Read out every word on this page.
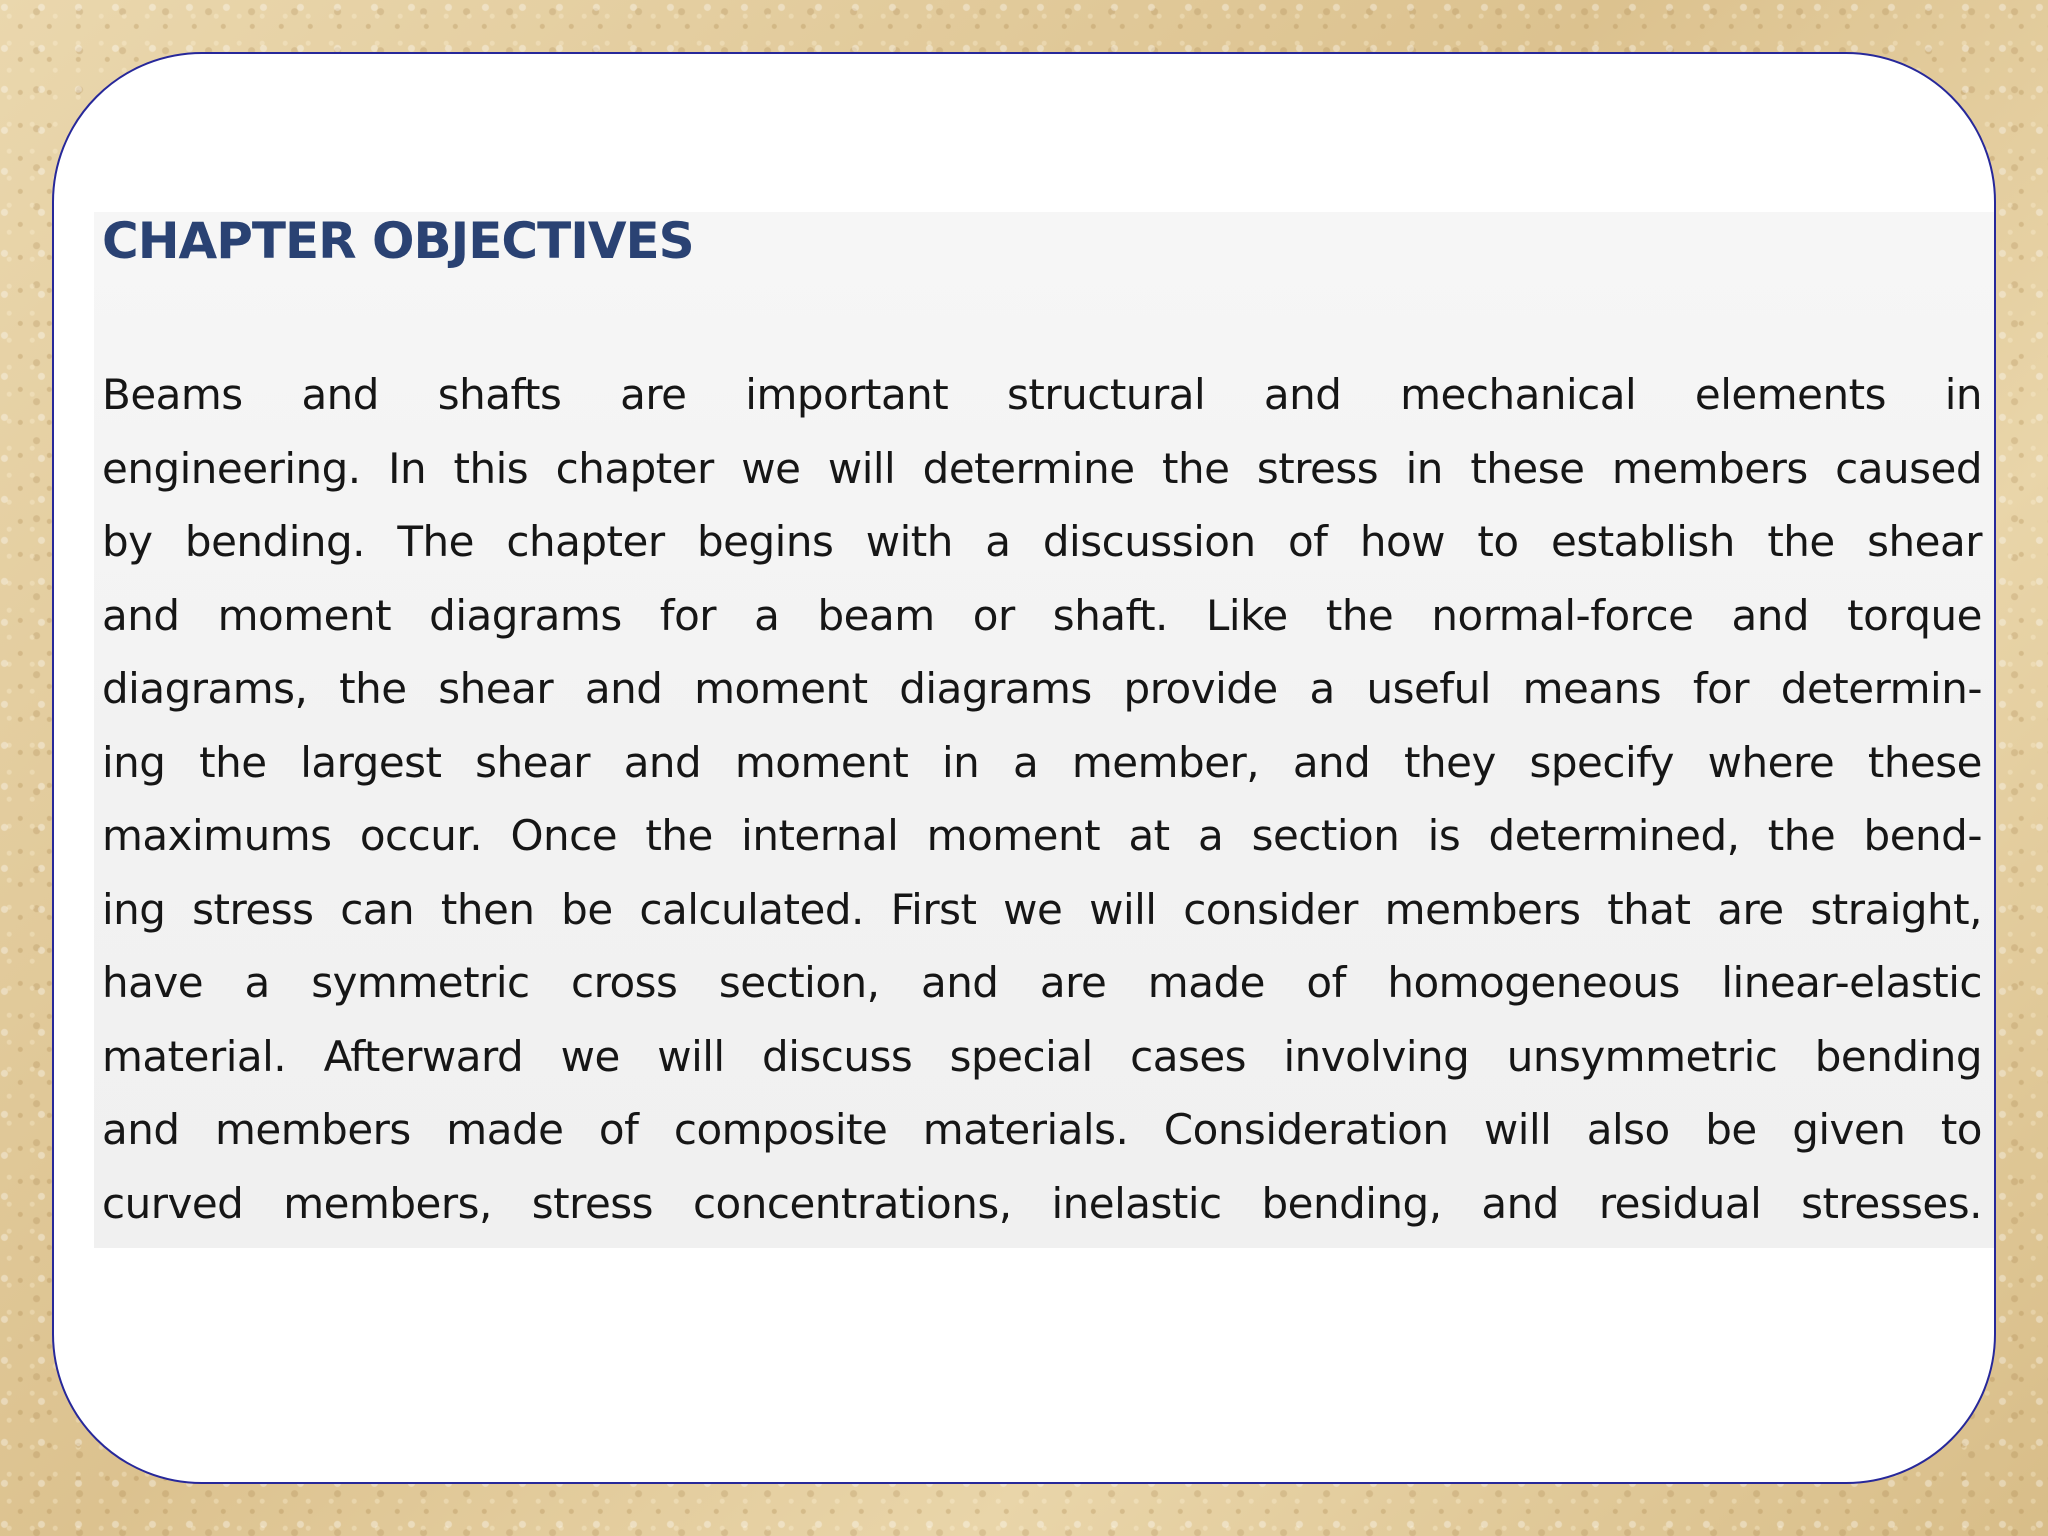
CHAPTER OBJECTIVES
Beams and shafts are important structural and mechanical elements in
engineering. In this chapter we will determine the stress in these members caused
by bending. The chapter begins with a discussion of how to establish the shear
and moment diagrams for a beam or shaft. Like the normal-force and torque
diagrams, the shear and moment diagrams provide a useful means for determin-
ing the largest shear and moment in a member, and they specify where these
maximums occur. Once the internal moment at a section is determined, the bend-
ing stress can then be calculated. First we will consider members that are straight,
have a symmetric cross section, and are made of homogeneous linear-elastic
material. Afterward we will discuss special cases involving unsymmetric bending
and members made of composite materials. Consideration will also be given to
curved members, stress concentrations, inelastic bending, and residual stresses.
